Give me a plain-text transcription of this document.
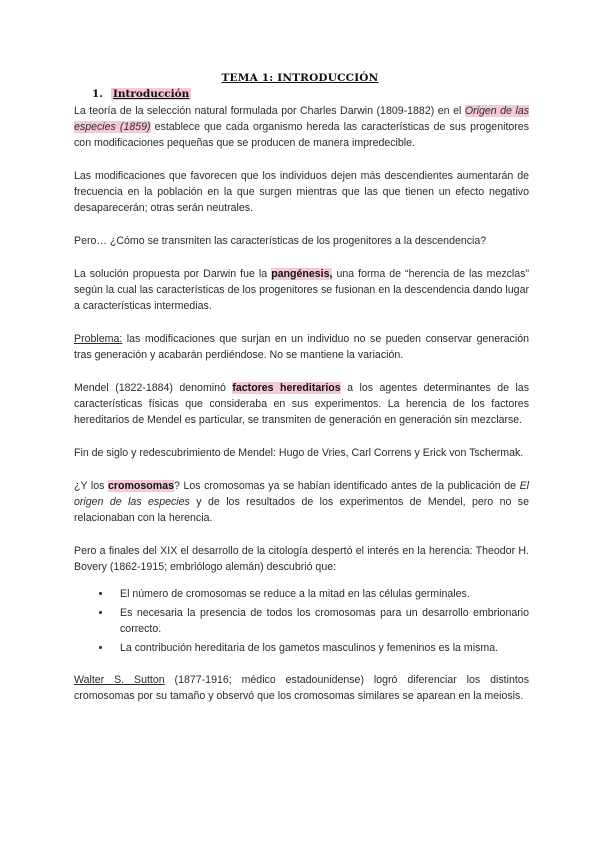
TEMA 1: INTRODUCCIÓN
1. Introducción

La teoría de la selección natural formulada por Charles Darwin (1809-1882) en el Origen de las especies (1859) establece que cada organismo hereda las características de sus progenitores con modificaciones pequeñas que se producen de manera impredecible.

Las modificaciones que favorecen que los individuos dejen más descendientes aumentarán de frecuencia en la población en la que surgen mientras que las que tienen un efecto negativo desaparecerán; otras serán neutrales.

Pero… ¿Cómo se transmiten las características de los progenitores a la descendencia?

La solución propuesta por Darwin fue la pangénesis, una forma de “herencia de las mezclas” según la cual las características de los progenitores se fusionan en la descendencia dando lugar a características intermedias.

Problema: las modificaciones que surjan en un individuo no se pueden conservar generación tras generación y acabarán perdiéndose. No se mantiene la variación.

Mendel (1822-1884) denominó factores hereditarios a los agentes determinantes de las características físicas que consideraba en sus experimentos. La herencia de los factores hereditarios de Mendel es particular, se transmiten de generación en generación sin mezclarse.

Fin de siglo y redescubrimiento de Mendel: Hugo de Vries, Carl Correns y Erick von Tschermak.

¿Y los cromosomas? Los cromosomas ya se habían identificado antes de la publicación de El origen de las especies y de los resultados de los experimentos de Mendel, pero no se relacionaban con la herencia.

Pero a finales del XIX el desarrollo de la citología despertó el interés en la herencia: Theodor H. Bovery (1862-1915; embriólogo alemán) descubrió que:

• El número de cromosomas se reduce a la mitad en las células germinales.
• Es necesaria la presencia de todos los cromosomas para un desarrollo embrionario correcto.
• La contribución hereditaria de los gametos masculinos y femeninos es la misma.

Walter S. Sutton (1877-1916; médico estadounidense) logró diferenciar los distintos cromosomas por su tamaño y observó que los cromosomas similares se aparean en la meiosis.
